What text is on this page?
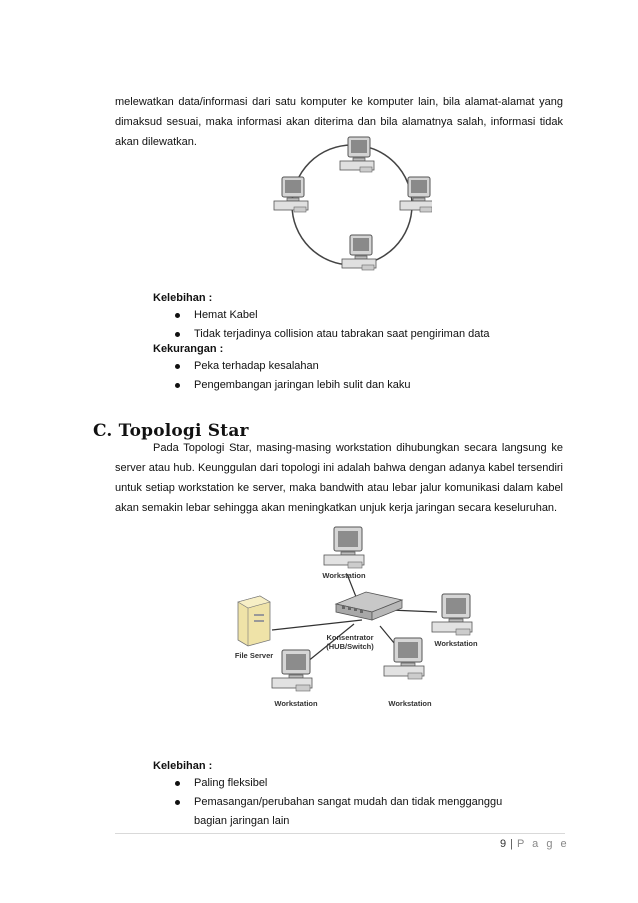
melewatkan data/informasi dari satu komputer ke komputer lain, bila alamat-alamat yang dimaksud sesuai, maka informasi akan diterima dan bila alamatnya salah, informasi tidak akan dilewatkan.

Kelebihan :
Hemat Kabel
Tidak terjadinya collision atau tabrakan saat pengiriman data
Kekurangan :
Peka terhadap kesalahan
Pengembangan jaringan lebih sulit dan kaku
C. Topologi Star

Pada Topologi Star, masing-masing workstation dihubungkan secara langsung ke server atau hub. Keunggulan dari topologi ini adalah bahwa dengan adanya kabel tersendiri untuk setiap workstation ke server, maka bandwith atau lebar jalur komunikasi dalam kabel akan semakin lebar sehingga akan meningkatkan unjuk kerja jaringan secara keseluruhan.

Workstation
Workstation
Workstation	Workstation
File Server
Konsentrator
(HUB/Switch)
Kelebihan :
Paling fleksibel
Pemasangan/perubahan sangat mudah dan tidak mengganggu bagian jaringan lain
9 | P a g e
